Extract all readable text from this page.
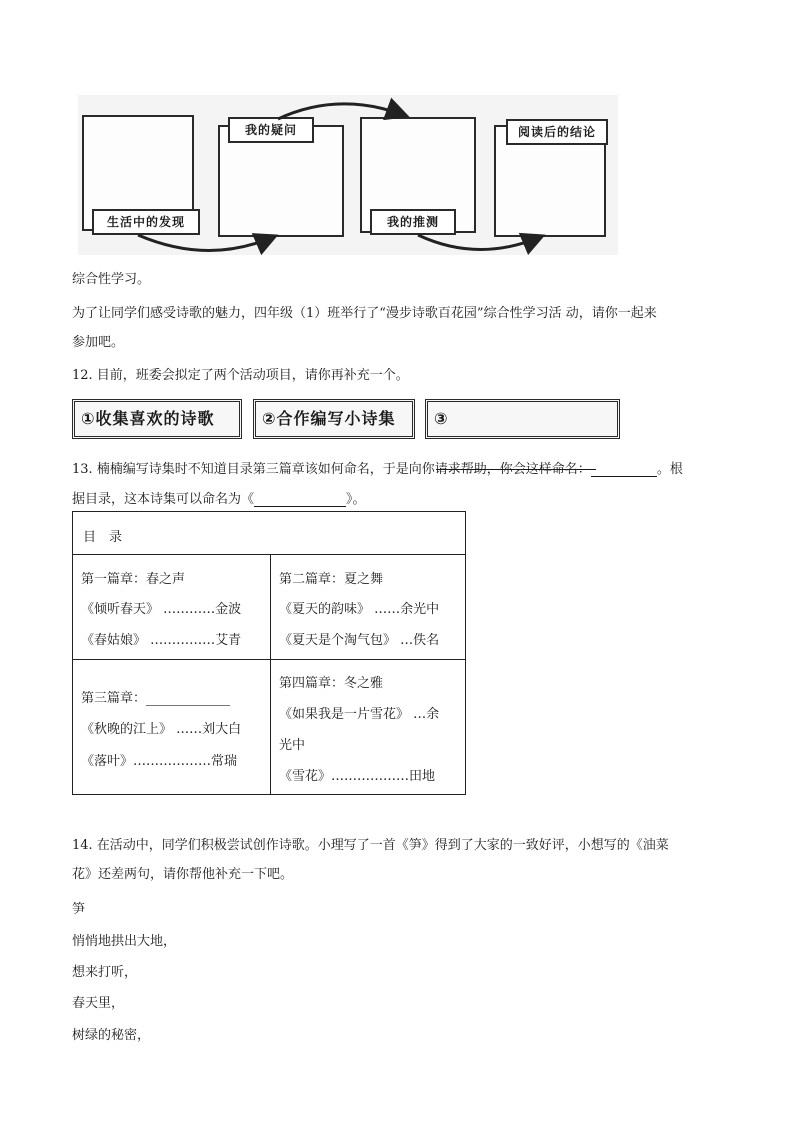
生活中的发现
我的疑问
我的推测
阅读后的结论
综合性学习。
为了让同学们感受诗歌的魅力，四年级（1）班举行了“漫步诗歌百花园”综合性学习活 动，请你一起来
参加吧。
12. 目前，班委会拟定了两个活动项目，请你再补充一个。
①收集喜欢的诗歌	②合作编写小诗集	③
13. 楠楠编写诗集时不知道目录第三篇章该如何命名，于是向你请求帮助，你会这样命名：	。根
据目录，这本诗集可以命名为《	》。
目　录
第一篇章：春之声
《倾听春天》 …………金波
《春姑娘》 ……………艾青
第二篇章：夏之舞
《夏天的韵味》 ……余光中
《夏天是个淘气包》 …佚名
第三篇章：
《秋晚的江上》 ……刘大白
《落叶》………………常瑞
第四篇章：冬之雅
《如果我是一片雪花》 …余
光中
《雪花》………………田地
14. 在活动中，同学们积极尝试创作诗歌。小理写了一首《笋》得到了大家的一致好评，小想写的《油菜
花》还差两句，请你帮他补充一下吧。
笋
悄悄地拱出大地，
想来打听，
春天里，
树绿的秘密，
